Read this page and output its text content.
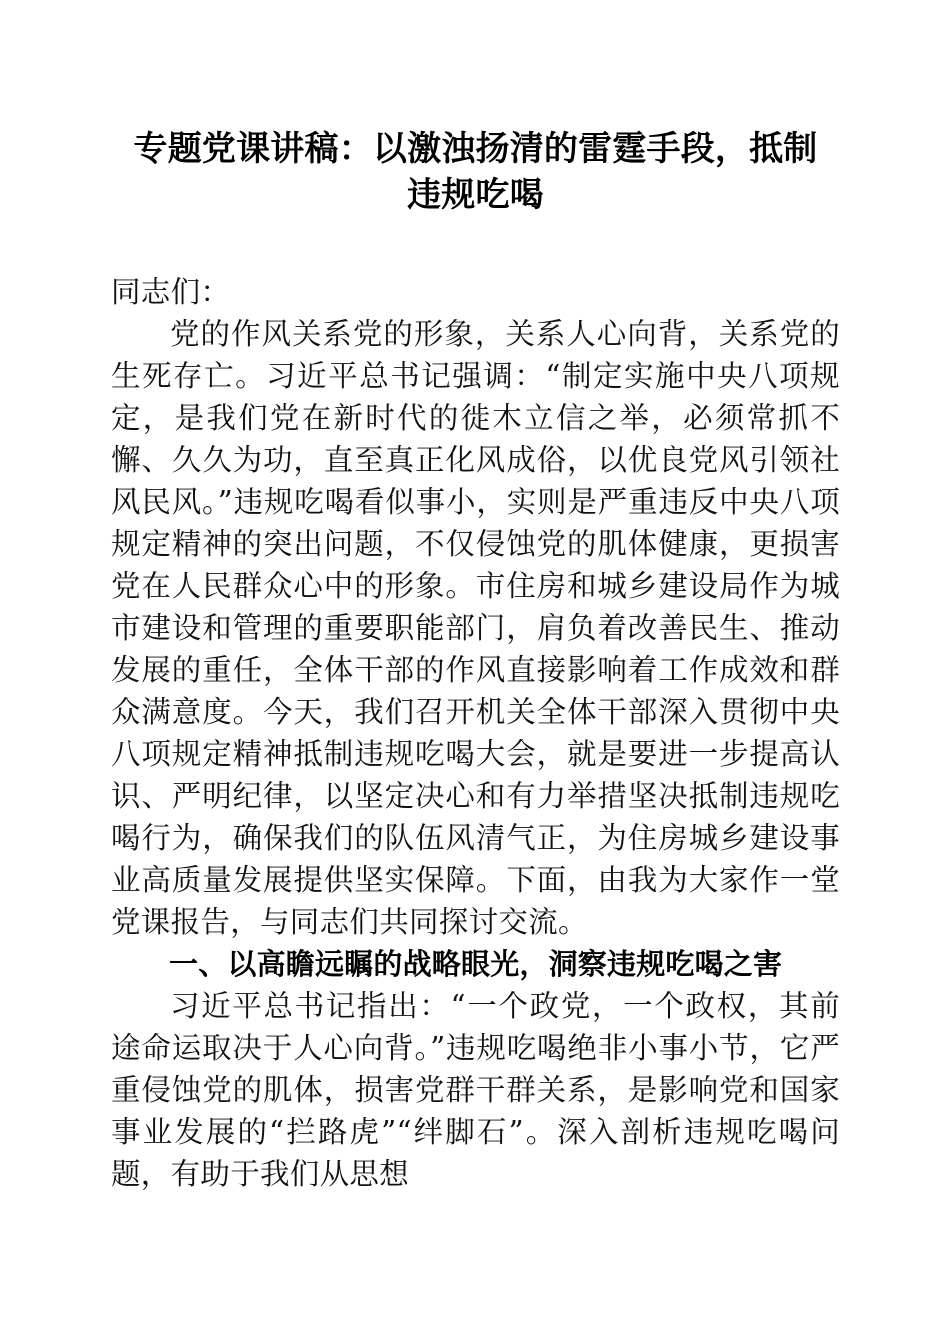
专题党课讲稿：以激浊扬清的雷霆手段，抵制
违规吃喝

同志们：

党的作风关系党的形象，关系人心向背，关系党的生死存亡。习近平总书记强调：“制定实施中央八项规定，是我们党在新时代的徙木立信之举，必须常抓不懈、久久为功，直至真正化风成俗，以优良党风引领社风民风。”违规吃喝看似事小，实则是严重违反中央八项规定精神的突出问题，不仅侵蚀党的肌体健康，更损害党在人民群众心中的形象。市住房和城乡建设局作为城市建设和管理的重要职能部门，肩负着改善民生、推动发展的重任，全体干部的作风直接影响着工作成效和群众满意度。今天，我们召开机关全体干部深入贯彻中央八项规定精神抵制违规吃喝大会，就是要进一步提高认识、严明纪律，以坚定决心和有力举措坚决抵制违规吃喝行为，确保我们的队伍风清气正，为住房城乡建设事业高质量发展提供坚实保障。下面，由我为大家作一堂党课报告，与同志们共同探讨交流。

一、以高瞻远瞩的战略眼光，洞察违规吃喝之害

习近平总书记指出：“一个政党，一个政权，其前途命运取决于人心向背。”违规吃喝绝非小事小节，它严重侵蚀党的肌体，损害党群干群关系，是影响党和国家事业发展的“拦路虎”“绊脚石”。深入剖析违规吃喝问题，有助于我们从思想
